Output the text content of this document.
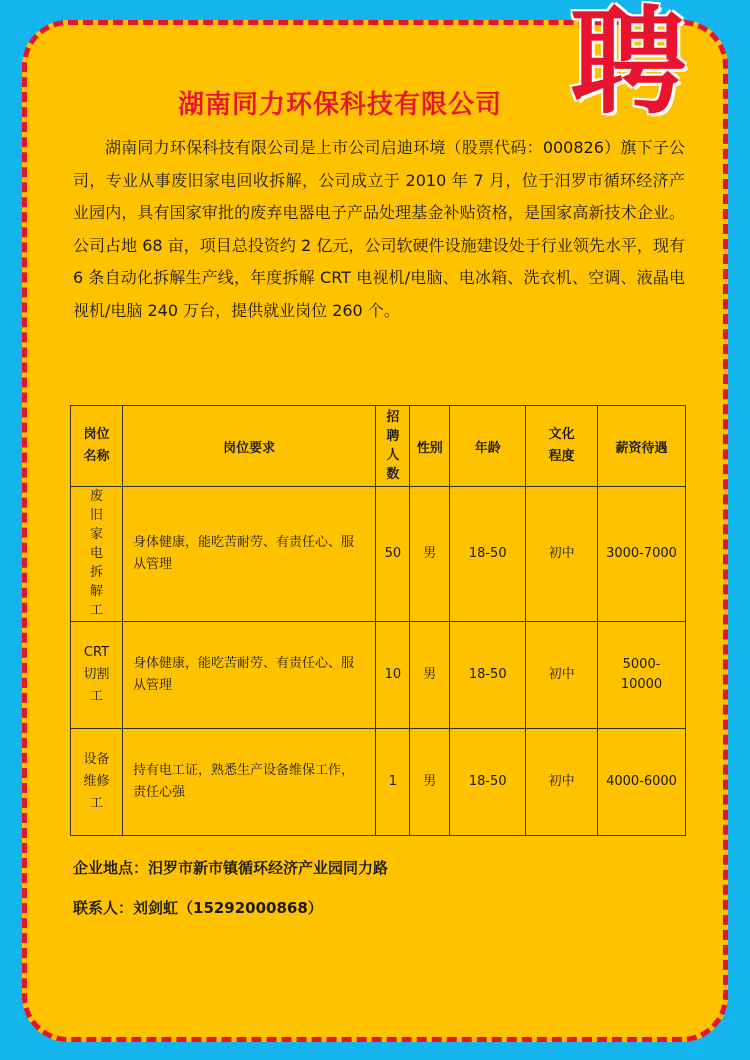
聘
湖南同力环保科技有限公司

湖南同力环保科技有限公司是上市公司启迪环境（股票代码：000826）旗下子公司，专业从事废旧家电回收拆解，公司成立于 2010 年 7 月，位于汨罗市循环经济产业园内，具有国家审批的废弃电器电子产品处理基金补贴资格，是国家高新技术企业。公司占地 68 亩，项目总投资约 2 亿元，公司软硬件设施建设处于行业领先水平，现有 6 条自动化拆解生产线，年度拆解 CRT 电视机/电脑、电冰箱、洗衣机、空调、液晶电视机/电脑 240 万台，提供就业岗位 260 个。

岗位名称	岗位要求	招聘人数	性别	年龄	文化程度	薪资待遇
废旧家电拆解工	身体健康，能吃苦耐劳、有责任心、服从管理	50	男	18-50	初中	3000-7000
CRT切割工	身体健康，能吃苦耐劳、有责任心、服从管理	10	男	18-50	初中	5000-10000
设备维修工	持有电工证，熟悉生产设备维保工作，责任心强	1	男	18-50	初中	4000-6000
企业地点：汨罗市新市镇循环经济产业园同力路
联系人：刘剑虹（15292000868）
